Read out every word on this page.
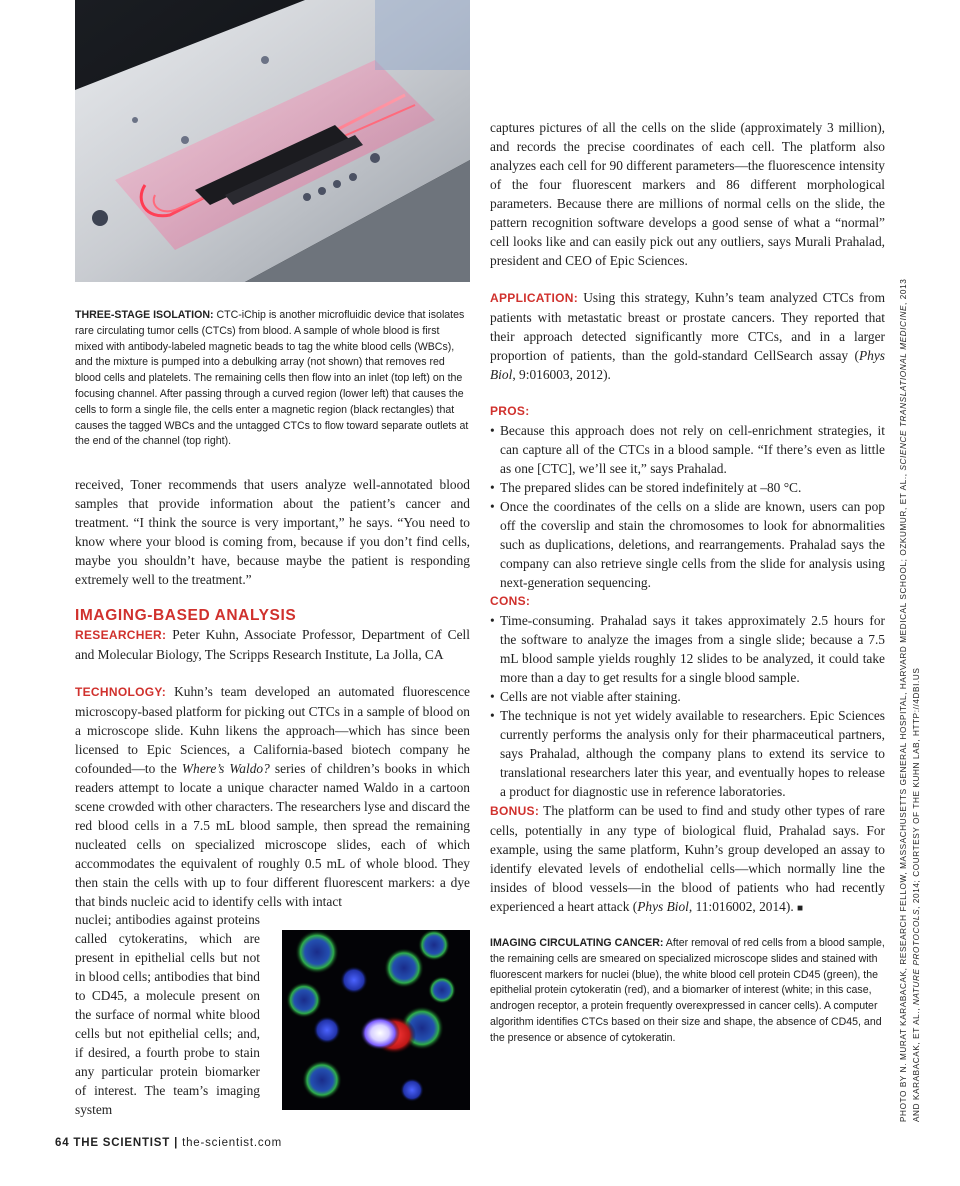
THREE-STAGE ISOLATION: CTC-iChip is another microfluidic device that isolates rare circulating tumor cells (CTCs) from blood. A sample of whole blood is first mixed with antibody-labeled magnetic beads to tag the white blood cells (WBCs), and the mixture is pumped into a debulking array (not shown) that removes red blood cells and platelets. The remaining cells then flow into an inlet (top left) on the focusing channel. After passing through a curved region (lower left) that causes the cells to form a single file, the cells enter a magnetic region (black rectangles) that causes the tagged WBCs and the untagged CTCs to flow toward separate outlets at the end of the channel (top right).

received, Toner recommends that users analyze well-annotated blood samples that provide information about the patient’s cancer and treatment. “I think the source is very important,” he says. “You need to know where your blood is coming from, because if you don’t find cells, maybe you shouldn’t have, because maybe the patient is responding extremely well to the treatment.”

IMAGING-BASED ANALYSIS

RESEARCHER: Peter Kuhn, Associate Professor, Department of Cell and Molecular Biology, The Scripps Research Institute, La Jolla, CA

TECHNOLOGY: Kuhn’s team developed an automated fluorescence microscopy-based platform for picking out CTCs in a sample of blood on a microscope slide. Kuhn likens the approach—which has since been licensed to Epic Sciences, a California-based biotech company he cofounded—to the Where’s Waldo? series of children’s books in which readers attempt to locate a unique character named Waldo in a cartoon scene crowded with other characters. The researchers lyse and discard the red blood cells in a 7.5 mL blood sample, then spread the remaining nucleated cells on specialized microscope slides, each of which accommodates the equivalent of roughly 0.5 mL of whole blood. They then stain the cells with up to four different fluorescent markers: a dye that binds nucleic acid to identify cells with intact

nuclei; antibodies against proteins called cytokeratins, which are present in epithelial cells but not in blood cells; antibodies that bind to CD45, a molecule present on the surface of normal white blood cells but not epithelial cells; and, if desired, a fourth probe to stain any particular protein biomarker of interest. The team’s imaging system

captures pictures of all the cells on the slide (approximately 3 million), and records the precise coordinates of each cell. The platform also analyzes each cell for 90 different parameters—the fluorescence intensity of the four fluorescent markers and 86 different morphological parameters. Because there are millions of normal cells on the slide, the pattern recognition software develops a good sense of what a “normal” cell looks like and can easily pick out any outliers, says Murali Prahalad, president and CEO of Epic Sciences.

APPLICATION: Using this strategy, Kuhn’s team analyzed CTCs from patients with metastatic breast or prostate cancers. They reported that their approach detected significantly more CTCs, and in a larger proportion of patients, than the gold-standard CellSearch assay (Phys Biol, 9:016003, 2012).

PROS:
• Because this approach does not rely on cell-enrichment strategies, it can capture all of the CTCs in a blood sample. “If there’s even as little as one [CTC], we’ll see it,” says Prahalad.
• The prepared slides can be stored indefinitely at –80 °C.
• Once the coordinates of the cells on a slide are known, users can pop off the coverslip and stain the chromosomes to look for abnormalities such as duplications, deletions, and rearrangements. Prahalad says the company can also retrieve single cells from the slide for analysis using next-generation sequencing.
CONS:
• Time-consuming. Prahalad says it takes approximately 2.5 hours for the software to analyze the images from a single slide; because a 7.5 mL blood sample yields roughly 12 slides to be analyzed, it could take more than a day to get results for a single blood sample.
• Cells are not viable after staining.
• The technique is not yet widely available to researchers. Epic Sciences currently performs the analysis only for their pharmaceutical partners, says Prahalad, although the company plans to extend its service to translational researchers later this year, and eventually hopes to release a product for diagnostic use in reference laboratories.

BONUS: The platform can be used to find and study other types of rare cells, potentially in any type of biological fluid, Prahalad says. For example, using the same platform, Kuhn’s group developed an assay to identify elevated levels of endothelial cells—which normally line the insides of blood vessels—in the blood of patients who had recently experienced a heart attack (Phys Biol, 11:016002, 2014). ■

IMAGING CIRCULATING CANCER: After removal of red cells from a blood sample, the remaining cells are smeared on specialized microscope slides and stained with fluorescent markers for nuclei (blue), the white blood cell protein CD45 (green), the epithelial protein cytokeratin (red), and a biomarker of interest (white; in this case, androgen receptor, a protein frequently overexpressed in cancer cells). A computer algorithm identifies CTCs based on their size and shape, the absence of CD45, and the presence or absence of cytokeratin.	PHOTO BY N. MURAT KARABACAK, RESEARCH FELLOW, MASSACHUSETTS GENERAL HOSPITAL, HARVARD MEDICAL SCHOOL; OZKUMUR, ET AL., SCIENCE TRANSLATIONAL MEDICINE, 2013
AND KARABACAK, ET AL., NATURE PROTOCOLS, 2014; COURTESY OF THE KUHN LAB, HTTP://4DBI.US
64 THE SCIENTIST | the-scientist.com
